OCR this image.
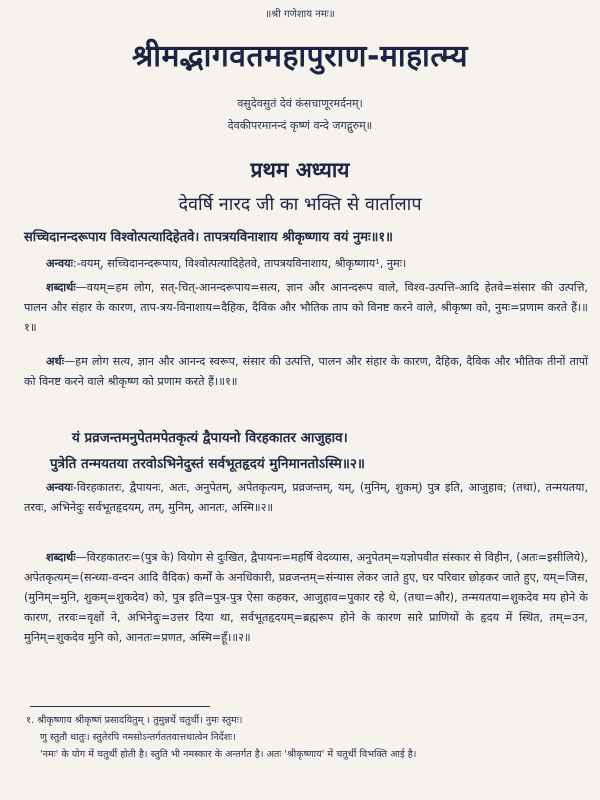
॥श्री गणेशाय नमः॥
श्रीमद्भागवतमहापुराण-माहात्म्य
वसुदेवसुतं देवं कंसचाणूरमर्दनम्।
देवकीपरमानन्दं कृष्णं वन्दे जगद्गुरुम्॥
प्रथम अध्याय
देवर्षि नारद जी का भक्ति से वार्तालाप
सच्चिदानन्दरूपाय विश्वोत्पत्यादिहेतवे। तापत्रयविनाशाय श्रीकृष्णाय वयं नुमः॥१॥
अन्वयः:-वयम्, सच्चिदानन्दरूपाय, विश्वोत्पत्यादिहेतवे, तापत्रयविनाशाय, श्रीकृष्णाय¹, नुमः।
शब्दार्थः—वयम्=हम लोग, सत्-चित्-आनन्दरूपाय=सत्य, ज्ञान और आनन्दरूप वाले, विश्व-उत्पत्ति-आदि हेतवे=संसार की उत्पत्ति, पालन और संहार के कारण, ताप-त्रय-विनाशाय=दैहिक, दैविक और भौतिक ताप को विनष्ट करने वाले, श्रीकृष्ण को, नुमः=प्रणाम करते हैं।॥१॥
अर्थः—हम लोग सत्य, ज्ञान और आनन्द स्वरूप, संसार की उत्पत्ति, पालन और संहार के कारण, दैहिक, दैविक और भौतिक तीनों तापों को विनष्ट करने वाले श्रीकृष्ण को प्रणाम करते हैं।॥१॥
यं प्रव्रजन्तमनुपेतमपेतकृत्यं द्वैपायनो विरहकातर आजुहाव।
पुत्रेति तन्मयतया तरवोऽभिनेदुस्तं सर्वभूतहृदयं मुनिमानतोऽस्मि॥२॥
अन्वयः-विरहकातरः, द्वैपायनः, अतः, अनुपेतम्, अपेतकृत्यम्, प्रव्रजन्तम्, यम्, (मुनिम्, शुकम्) पुत्र इति, आजुहाव; (तथा), तन्मयतया, तरवः, अभिनेदुः सर्वभूतहृदयम्, तम्, मुनिम्, आनतः, अस्मि॥२॥
शब्दार्थः—विरहकातरः=(पुत्र के) वियोग से दुःखित, द्वैपायनः=महर्षि वेदव्यास, अनुपेतम्=यज्ञोपवीत संस्कार से विहीन, (अतः=इसीलिये), अपेतकृत्यम्=(सन्ध्या-वन्दन आदि वैदिक) कर्मों के अनधिकारी, प्रव्रजन्तम्=संन्यास लेकर जाते हुए, घर परिवार छोड़कर जाते हुए, यम्=जिस, (मुनिम्=मुनि, शुकम्=शुकदेव) को, पुत्र इति=पुत्र-पुत्र ऐसा कहकर, आजुहाव=पुकार रहे थे, (तथा=और), तन्मयतया=शुकदेव मय होने के कारण, तरवः=वृक्षों ने, अभिनेदुः=उत्तर दिया था, सर्वभूतहृदयम्=ब्रह्मरूप होने के कारण सारे प्राणियों के हृदय में स्थित, तम्=उन, मुनिम्=शुकदेव मुनि को, आनतः=प्रणत, अस्मि=हूँ।॥२॥
१. श्रीकृष्णाय श्रीकृष्णं प्रसादयितुम् । तुमुन्नर्थे चतुर्थी। नुमः स्तुमः।
णु स्तुतौ धातुः। स्तुतेरपि नमसोऽन्तर्गततवात्तथात्वेन निर्देशः।
'नमः' के योग में चतुर्थी होती है। स्तुति भी नमस्कार के अन्तर्गत है। अतः 'श्रीकृष्णाय' में चतुर्थी विभक्ति आई है।
